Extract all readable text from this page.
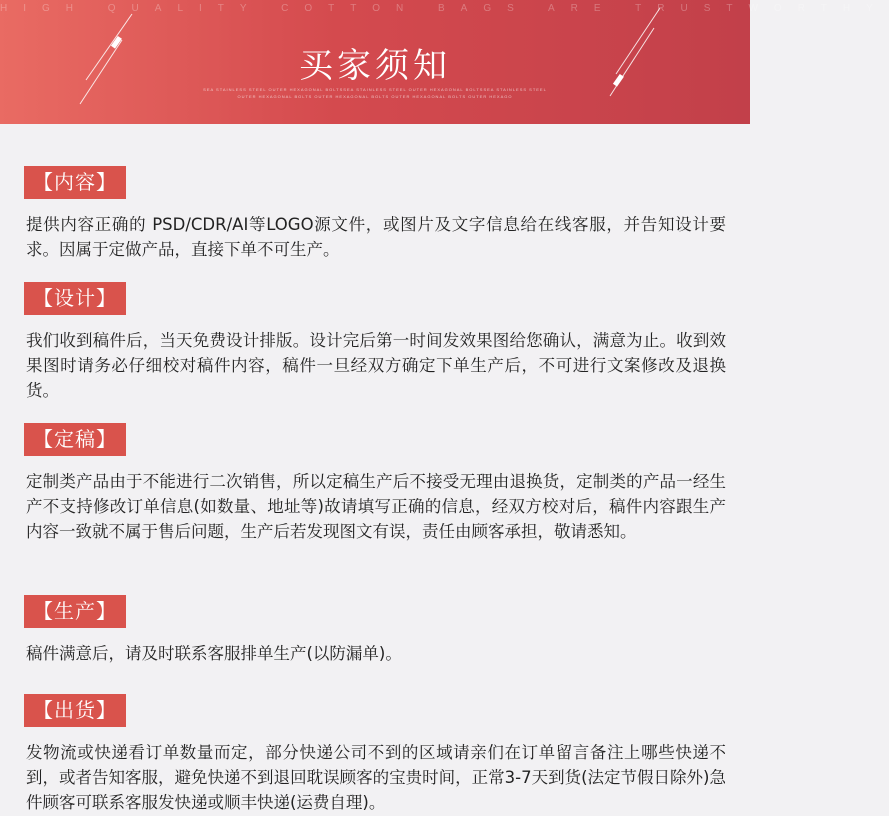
HIGH QUALITY COTTON BAGS ARE TRUSTWORTHY
买家须知
SEA STAINLESS STEEL OUTER HEXAGONAL BOLTSSEA STAINLESS STEEL OUTER HEXAGONAL BOLTSSEA STAINLESS STEEL OUTER HEXAGONAL BOLTS OUTER HEXAGONAL BOLTS OUTER HEXAGONAL BOLTS OUTER HEXAGO
【内容】

提供内容正确的 PSD/CDR/AI等LOGO源文件，或图片及文字信息给在线客服，并告知设计要求。因属于定做产品，直接下单不可生产。

【设计】

我们收到稿件后，当天免费设计排版。设计完后第一时间发效果图给您确认，满意为止。收到效果图时请务必仔细校对稿件内容，稿件一旦经双方确定下单生产后，不可进行文案修改及退换货。

【定稿】

定制类产品由于不能进行二次销售，所以定稿生产后不接受无理由退换货，定制类的产品一经生产不支持修改订单信息(如数量、地址等)故请填写正确的信息，经双方校对后，稿件内容跟生产内容一致就不属于售后问题，生产后若发现图文有误，责任由顾客承担，敬请悉知。

【生产】

稿件满意后，请及时联系客服排单生产(以防漏单)。

【出货】

发物流或快递看订单数量而定，部分快递公司不到的区域请亲们在订单留言备注上哪些快递不到，或者告知客服，避免快递不到退回耽误顾客的宝贵时间，正常3-7天到货(法定节假日除外)急件顾客可联系客服发快递或顺丰快递(运费自理)。
